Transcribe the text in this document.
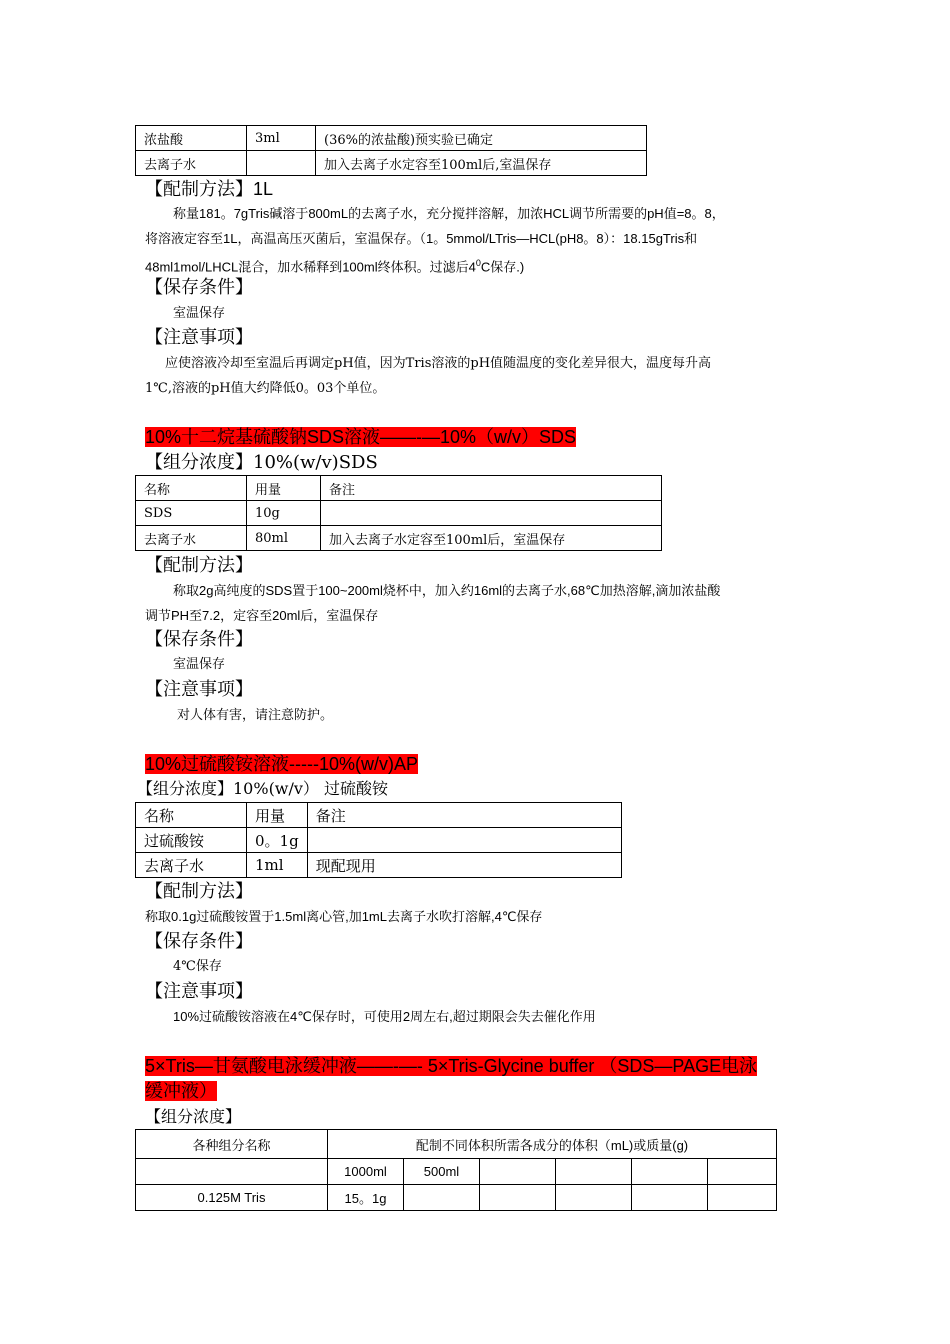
浓盐酸	3ml	(36%的浓盐酸)预实验已确定
去离子水		加入去离子水定容至100ml后,室温保存
【配制方法】1L
称量181。7gTris碱溶于800mL的去离子水，充分搅拌溶解，加浓HCL调节所需要的pH值=8。8，
将溶液定容至1L，高温高压灭菌后，室温保存。（1。5mmol/LTris—HCL(pH8。8）：18.15gTris和
48ml1mol/LHCL混合，加水稀释到100ml终体积。过滤后$4^0C$保存.)
【保存条件】
室温保存
【注意事项】
应使溶液冷却至室温后再调定pH值，因为Tris溶液的pH值随温度的变化差异很大，温度每升高
1℃,溶液的pH值大约降低0。03个单位。
10%十二烷基硫酸钠SDS溶液——-—10%（w/v）SDS
【组分浓度】10%(w/v)SDS
名称	用量	备注
SDS	10g	
去离子水	80ml	加入去离子水定容至100ml后，室温保存
【配制方法】
称取2g高纯度的SDS置于100~200ml烧杯中，加入约16ml的去离子水,68℃加热溶解,滴加浓盐酸
调节PH至7.2，定容至20ml后，室温保存
【保存条件】
室温保存
【注意事项】
对人体有害，请注意防护。
10%过硫酸铵溶液-----10%(w/v)AP
【组分浓度】10%(w/v） 过硫酸铵
名称	用量	备注
过硫酸铵	0。1g	
去离子水	1ml	现配现用
【配制方法】
称取0.1g过硫酸铵置于1.5ml离心管,加1mL去离子水吹打溶解,4℃保存
【保存条件】
4℃保存
【注意事项】
10%过硫酸铵溶液在4℃保存时，可使用2周左右,超过期限会失去催化作用
5×Tris—甘氨酸电泳缓冲液——-—- 5×Tris-Glycine buffer （SDS—PAGE电泳
缓冲液）
【组分浓度】
各种组分名称	配制不同体积所需各成分的体积（mL)或质量(g)					
	1000ml	500ml				
0.125M Tris	15。1g					
